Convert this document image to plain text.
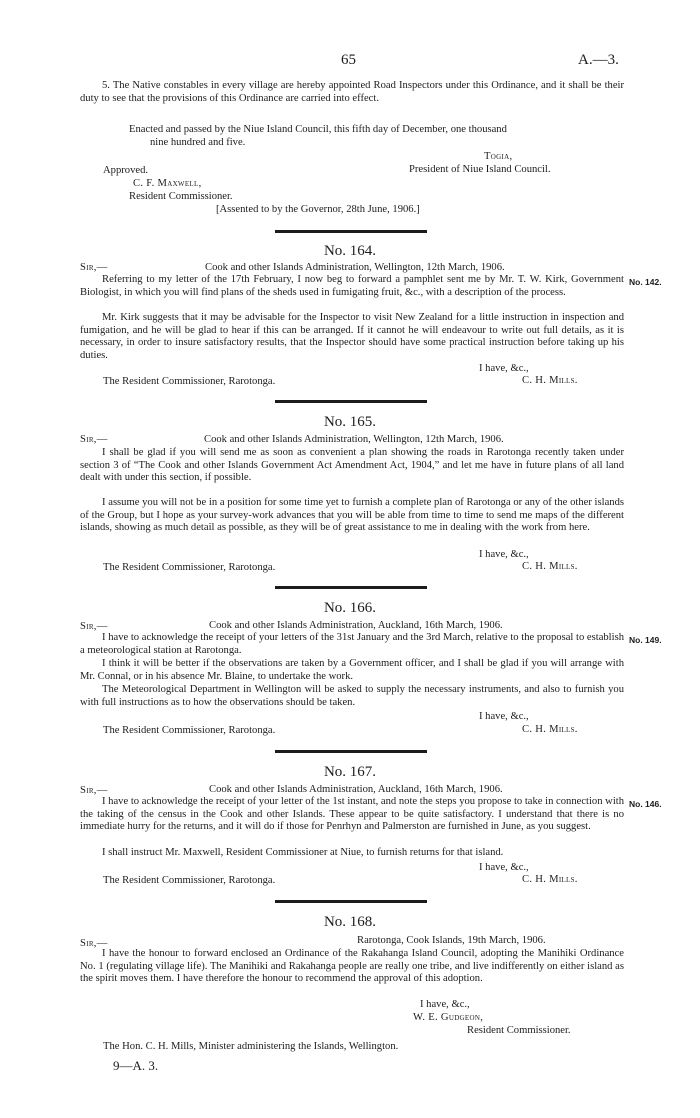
65	A.—3.
5. The Native constables in every village are hereby appointed Road Inspectors under this Ordinance, and it shall be their duty to see that the provisions of this Ordinance are carried into effect.
Enacted and passed by the Niue Island Council, this fifth day of December, one thousand
nine hundred and five.
Togia,
Approved.	President of Niue Island Council.
C. F. Maxwell,
Resident Commissioner.
[Assented to by the Governor, 28th June, 1906.]
No. 164.
Sir,—	Cook and other Islands Administration, Wellington, 12th March, 1906.
No. 142.
Referring to my letter of the 17th February, I now beg to forward a pamphlet sent me by Mr. T. W. Kirk, Government Biologist, in which you will find plans of the sheds used in fumigating fruit, &c., with a description of the process.
Mr. Kirk suggests that it may be advisable for the Inspector to visit New Zealand for a little instruction in inspection and fumigation, and he will be glad to hear if this can be arranged. If it cannot he will endeavour to write out full details, as it is necessary, in order to insure satisfactory results, that the Inspector should have some practical instruction before taking up his duties.
I have, &c.,
The Resident Commissioner, Rarotonga.	C. H. Mills.
No. 165.
Sir,—	Cook and other Islands Administration, Wellington, 12th March, 1906.
I shall be glad if you will send me as soon as convenient a plan showing the roads in Rarotonga recently taken under section 3 of “The Cook and other Islands Government Act Amendment Act, 1904,” and let me have in future plans of all land dealt with under this section, if possible.
I assume you will not be in a position for some time yet to furnish a complete plan of Rarotonga or any of the other islands of the Group, but I hope as your survey-work advances that you will be able from time to time to send me maps of the different islands, showing as much detail as possible, as they will be of great assistance to me in dealing with the work from here.
I have, &c.,
The Resident Commissioner, Rarotonga.	C. H. Mills.
No. 166.
Sir,—	Cook and other Islands Administration, Auckland, 16th March, 1906.
No. 149.
I have to acknowledge the receipt of your letters of the 31st January and the 3rd March, relative to the proposal to establish a meteorological station at Rarotonga.
I think it will be better if the observations are taken by a Government officer, and I shall be glad if you will arrange with Mr. Connal, or in his absence Mr. Blaine, to undertake the work.
The Meteorological Department in Wellington will be asked to supply the necessary instruments, and also to furnish you with full instructions as to how the observations should be taken.
I have, &c.,
The Resident Commissioner, Rarotonga.	C. H. Mills.
No. 167.
Sir,—	Cook and other Islands Administration, Auckland, 16th March, 1906.
No. 146.
I have to acknowledge the receipt of your letter of the 1st instant, and note the steps you propose to take in connection with the taking of the census in the Cook and other Islands. These appear to be quite satisfactory. I understand that there is no immediate hurry for the returns, and it will do if those for Penrhyn and Palmerston are furnished in June, as you suggest.
I shall instruct Mr. Maxwell, Resident Commissioner at Niue, to furnish returns for that island.
I have, &c.,
The Resident Commissioner, Rarotonga.	C. H. Mills.
No. 168.
Sir,—	Rarotonga, Cook Islands, 19th March, 1906.
I have the honour to forward enclosed an Ordinance of the Rakahanga Island Council, adopting the Manihiki Ordinance No. 1 (regulating village life). The Manihiki and Rakahanga people are really one tribe, and live indifferently on either island as the spirit moves them. I have therefore the honour to recommend the approval of this adoption.
I have, &c.,
W. E. Gudgeon,
Resident Commissioner.
The Hon. C. H. Mills, Minister administering the Islands, Wellington.
9—A. 3.
